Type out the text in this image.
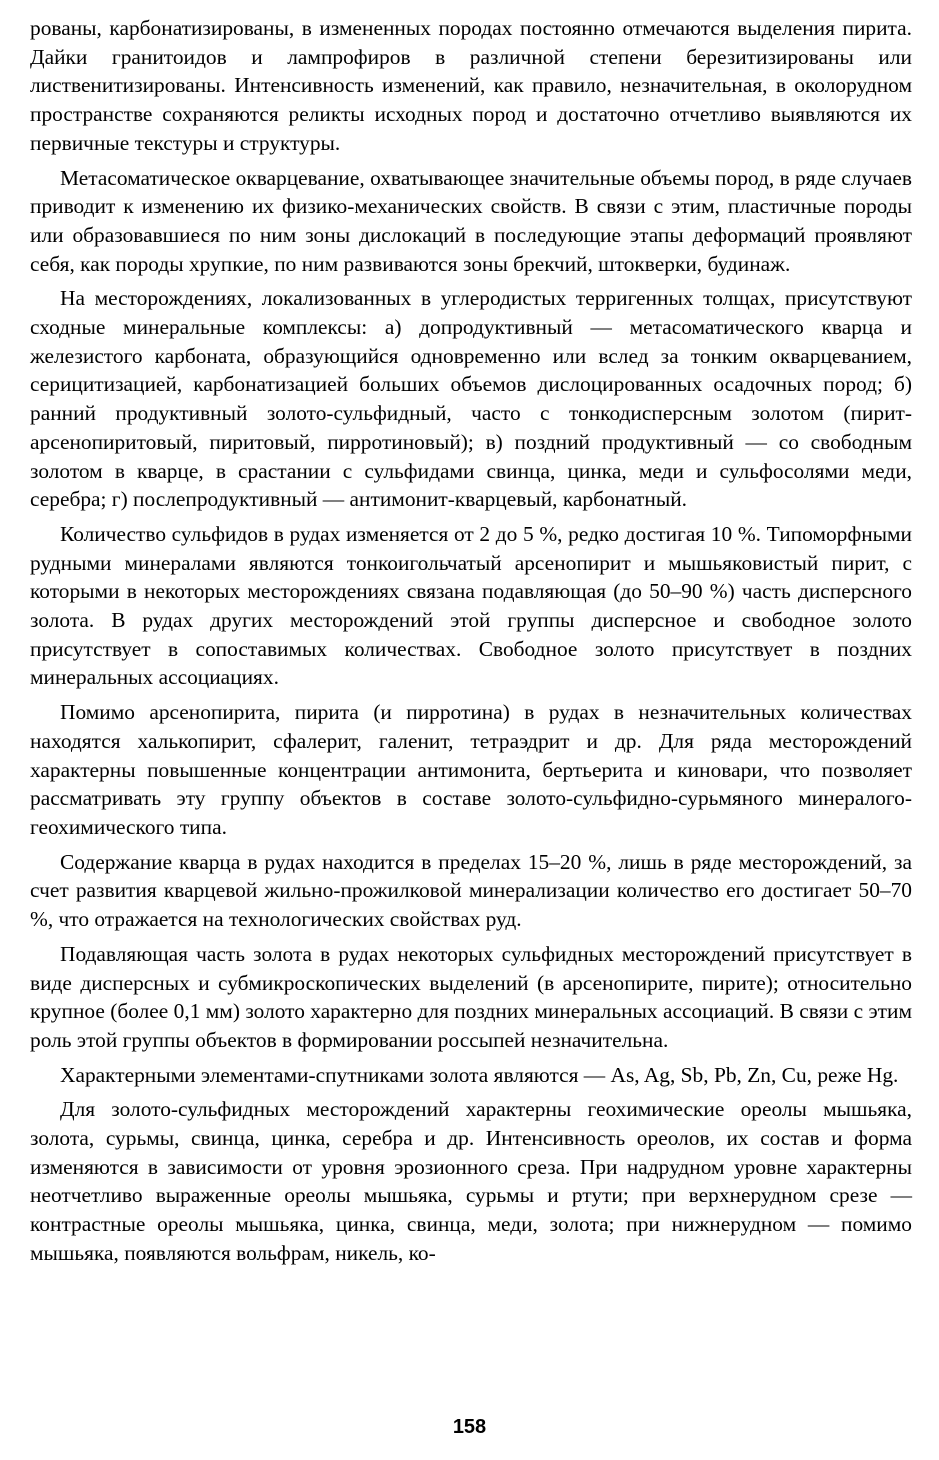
рованы, карбонатизированы, в измененных породах постоянно отмечаются выделения пирита. Дайки гранитоидов и лампрофиров в различной степени березитизированы или лиственитизированы. Интенсивность изменений, как правило, незначительная, в околорудном пространстве сохраняются реликты исходных пород и достаточно отчетливо выявляются их первичные текстуры и структуры.

Метасоматическое окварцевание, охватывающее значительные объемы пород, в ряде случаев приводит к изменению их физико-механических свойств. В связи с этим, пластичные породы или образовавшиеся по ним зоны дислокаций в последующие этапы деформаций проявляют себя, как породы хрупкие, по ним развиваются зоны брекчий, штокверки, будинаж.

На месторождениях, локализованных в углеродистых терригенных толщах, присутствуют сходные минеральные комплексы: а) допродуктивный — метасоматического кварца и железистого карбоната, образующийся одновременно или вслед за тонким окварцеванием, серицитизацией, карбонатизацией больших объемов дислоцированных осадочных пород; б) ранний продуктивный золото-сульфидный, часто с тонкодисперсным золотом (пирит-арсенопиритовый, пиритовый, пирротиновый); в) поздний продуктивный — со свободным золотом в кварце, в срастании с сульфидами свинца, цинка, меди и сульфосолями меди, серебра; г) послепродуктивный — антимонит-кварцевый, карбонатный.

Количество сульфидов в рудах изменяется от 2 до 5 %, редко достигая 10 %. Типоморфными рудными минералами являются тонкоигольчатый арсенопирит и мышьяковистый пирит, с которыми в некоторых месторождениях связана подавляющая (до 50–90 %) часть дисперсного золота. В рудах других месторождений этой группы дисперсное и свободное золото присутствует в сопоставимых количествах. Свободное золото присутствует в поздних минеральных ассоциациях.

Помимо арсенопирита, пирита (и пирротина) в рудах в незначительных количествах находятся халькопирит, сфалерит, галенит, тетраэдрит и др. Для ряда месторождений характерны повышенные концентрации антимонита, бертьерита и киновари, что позволяет рассматривать эту группу объектов в составе золото-сульфидно-сурьмяного минералого-геохимического типа.

Содержание кварца в рудах находится в пределах 15–20 %, лишь в ряде месторождений, за счет развития кварцевой жильно-прожилковой минерализации количество его достигает 50–70 %, что отражается на технологических свойствах руд.

Подавляющая часть золота в рудах некоторых сульфидных месторождений присутствует в виде дисперсных и субмикроскопических выделений (в арсенопирите, пирите); относительно крупное (более 0,1 мм) золото характерно для поздних минеральных ассоциаций. В связи с этим роль этой группы объектов в формировании россыпей незначительна.

Характерными элементами-спутниками золота являются — As, Ag, Sb, Pb, Zn, Cu, реже Hg.

Для золото-сульфидных месторождений характерны геохимические ореолы мышьяка, золота, сурьмы, свинца, цинка, серебра и др. Интенсивность ореолов, их состав и форма изменяются в зависимости от уровня эрозионного среза. При надрудном уровне характерны неотчетливо выраженные ореолы мышьяка, сурьмы и ртути; при верхнерудном срезе — контрастные ореолы мышьяка, цинка, свинца, меди, золота; при нижнерудном — помимо мышьяка, появляются вольфрам, никель, ко-

158
